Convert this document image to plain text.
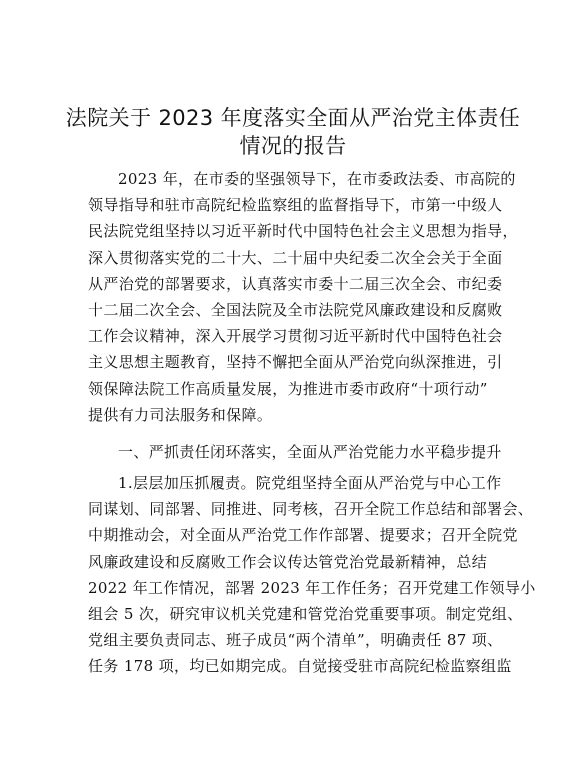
法院关于 2023 年度落实全面从严治党主体责任
情况的报告
2023 年，在市委的坚强领导下，在市委政法委、市高院的
领导指导和驻市高院纪检监察组的监督指导下，市第一中级人
民法院党组坚持以习近平新时代中国特色社会主义思想为指导，
深入贯彻落实党的二十大、二十届中央纪委二次全会关于全面
从严治党的部署要求，认真落实市委十二届三次全会、市纪委
十二届二次全会、全国法院及全市法院党风廉政建设和反腐败
工作会议精神，深入开展学习贯彻习近平新时代中国特色社会
主义思想主题教育，坚持不懈把全面从严治党向纵深推进，引
领保障法院工作高质量发展，为推进市委市政府“十项行动”
提供有力司法服务和保障。
一、严抓责任闭环落实，全面从严治党能力水平稳步提升
1.层层加压抓履责。院党组坚持全面从严治党与中心工作
同谋划、同部署、同推进、同考核，召开全院工作总结和部署会、
中期推动会，对全面从严治党工作作部署、提要求；召开全院党
风廉政建设和反腐败工作会议传达管党治党最新精神，总结
2022 年工作情况，部署 2023 年工作任务；召开党建工作领导小
组会 5 次，研究审议机关党建和管党治党重要事项。制定党组、
党组主要负责同志、班子成员“两个清单”，明确责任 87 项、
任务 178 项，均已如期完成。自觉接受驻市高院纪检监察组监
